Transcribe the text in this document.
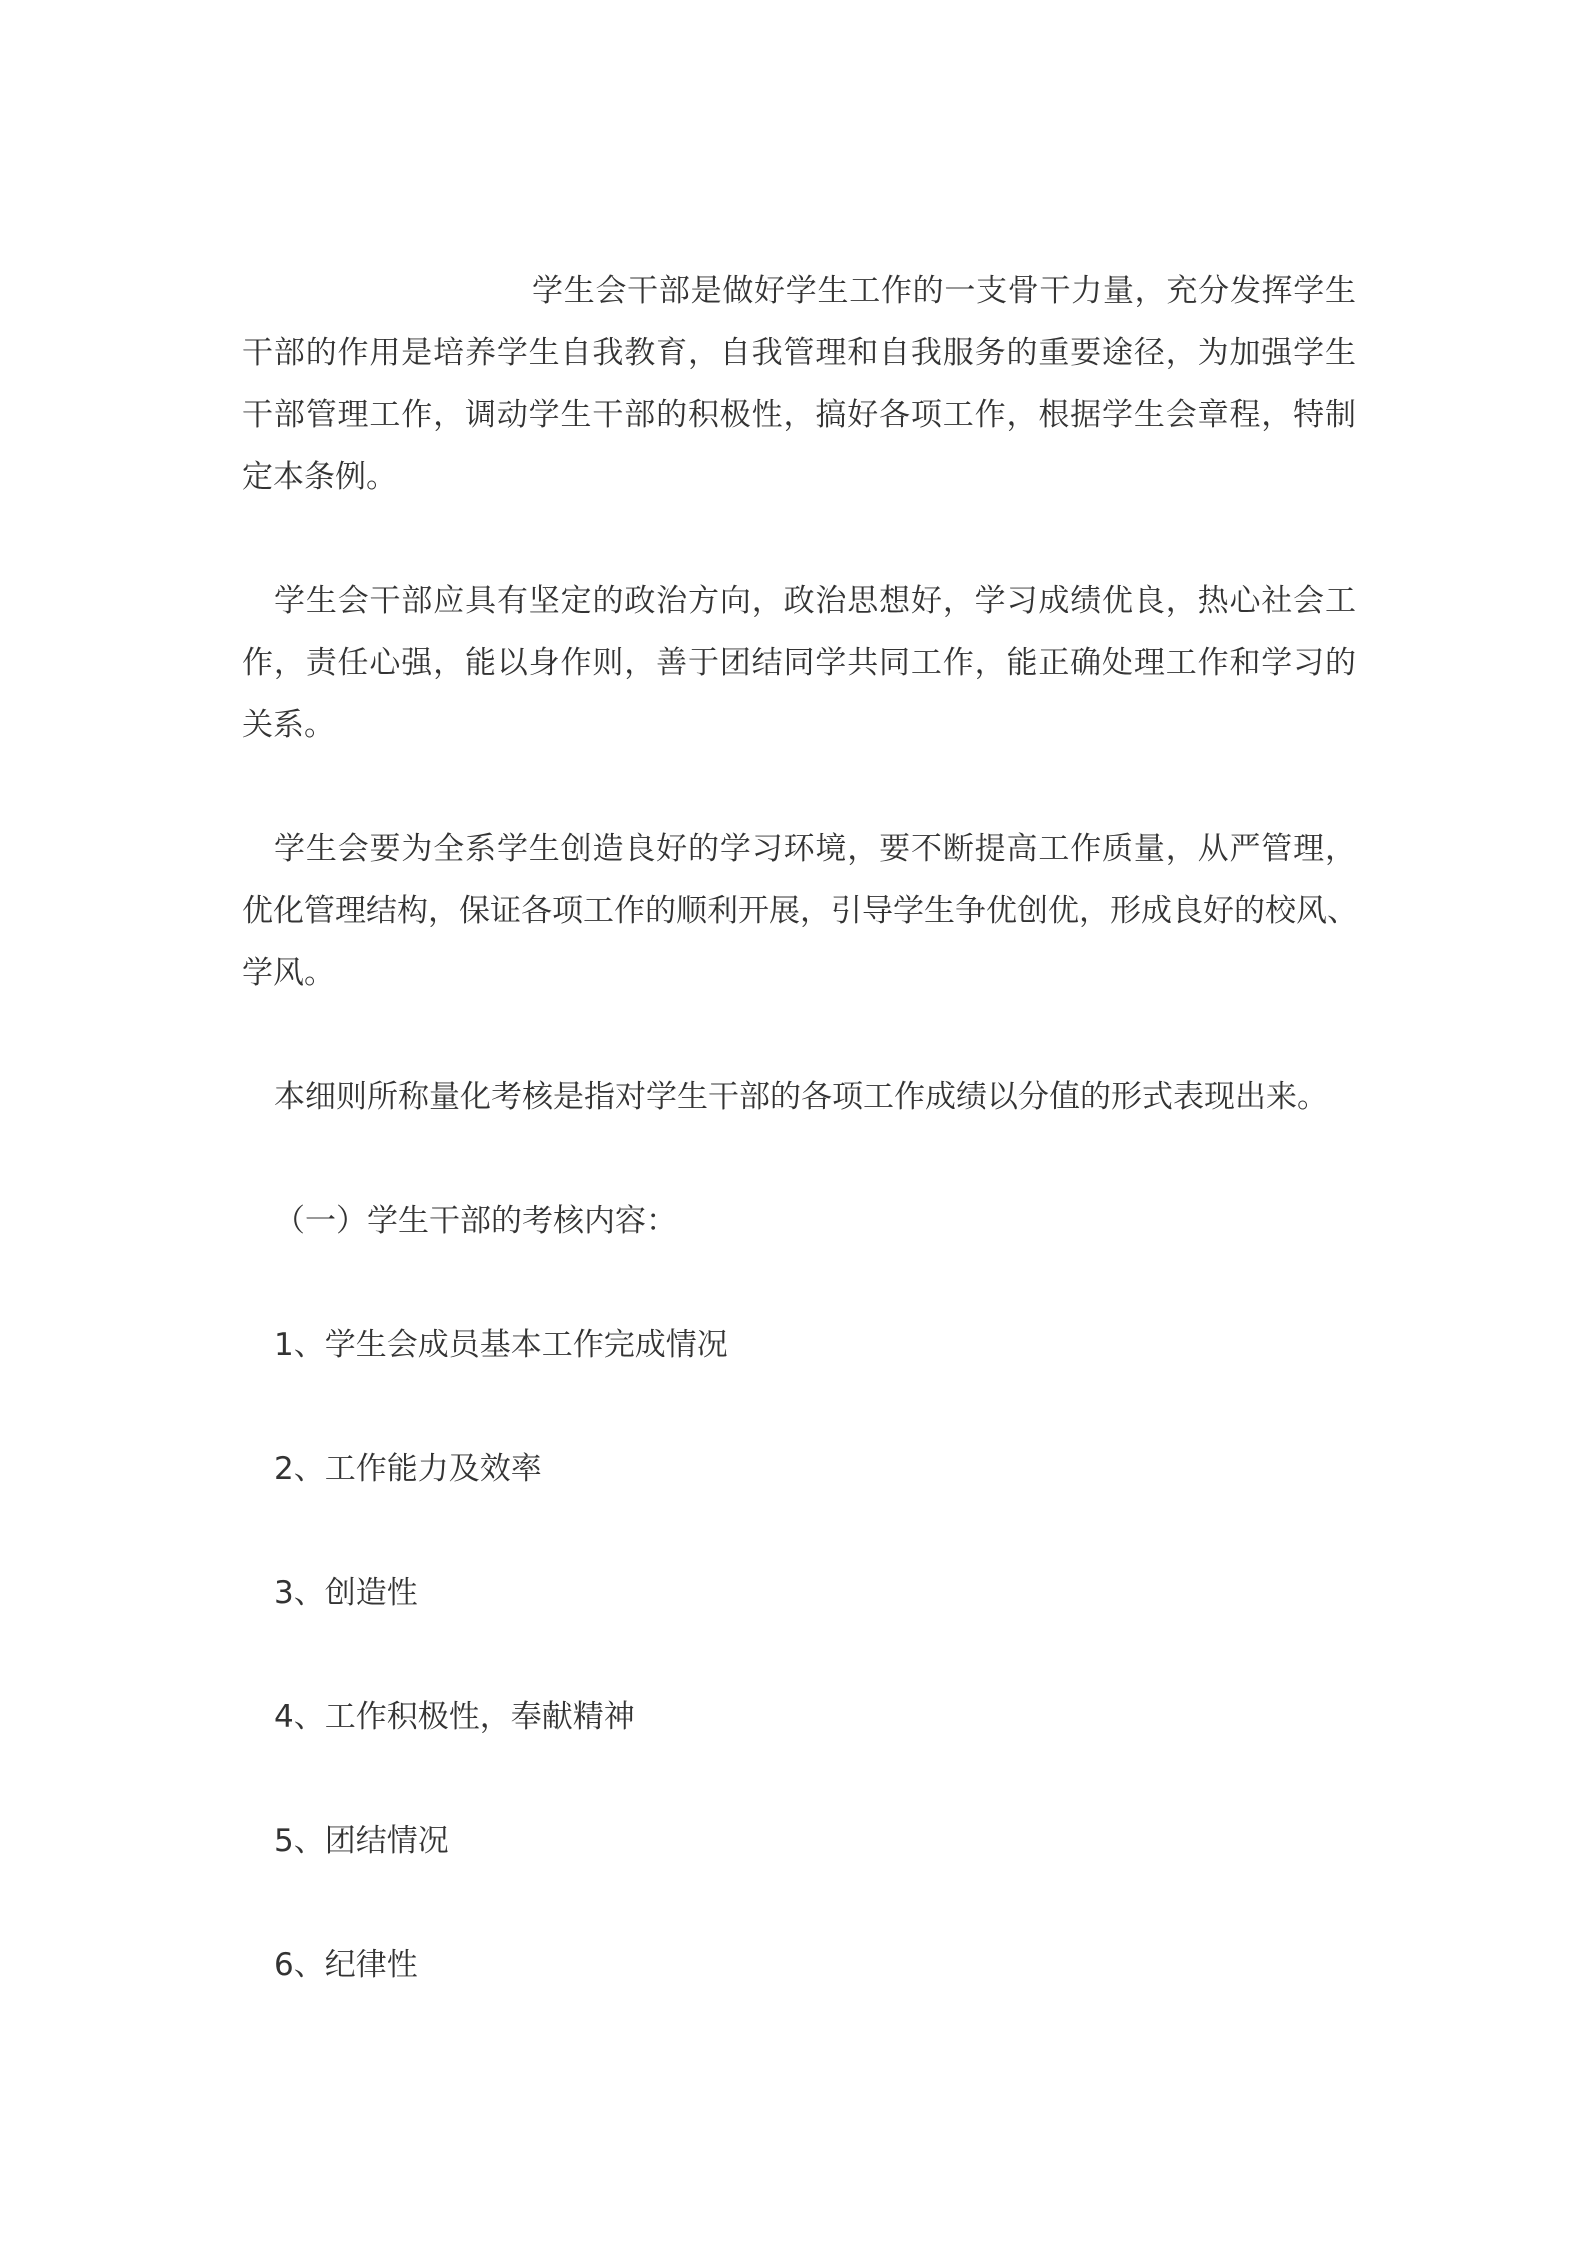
学生会干部是做好学生工作的一支骨干力量，充分发挥学生
干部的作用是培养学生自我教育，自我管理和自我服务的重要途径，为加强学生
干部管理工作，调动学生干部的积极性，搞好各项工作，根据学生会章程，特制
定本条例。

学生会干部应具有坚定的政治方向，政治思想好，学习成绩优良，热心社会工
作，责任心强，能以身作则，善于团结同学共同工作，能正确处理工作和学习的
关系。

学生会要为全系学生创造良好的学习环境，要不断提高工作质量，从严管理，
优化管理结构，保证各项工作的顺利开展，引导学生争优创优，形成良好的校风、
学风。

本细则所称量化考核是指对学生干部的各项工作成绩以分值的形式表现出来。

（一）学生干部的考核内容：

1、学生会成员基本工作完成情况

2、工作能力及效率

3、创造性

4、工作积极性，奉献精神

5、团结情况

6、纪律性
